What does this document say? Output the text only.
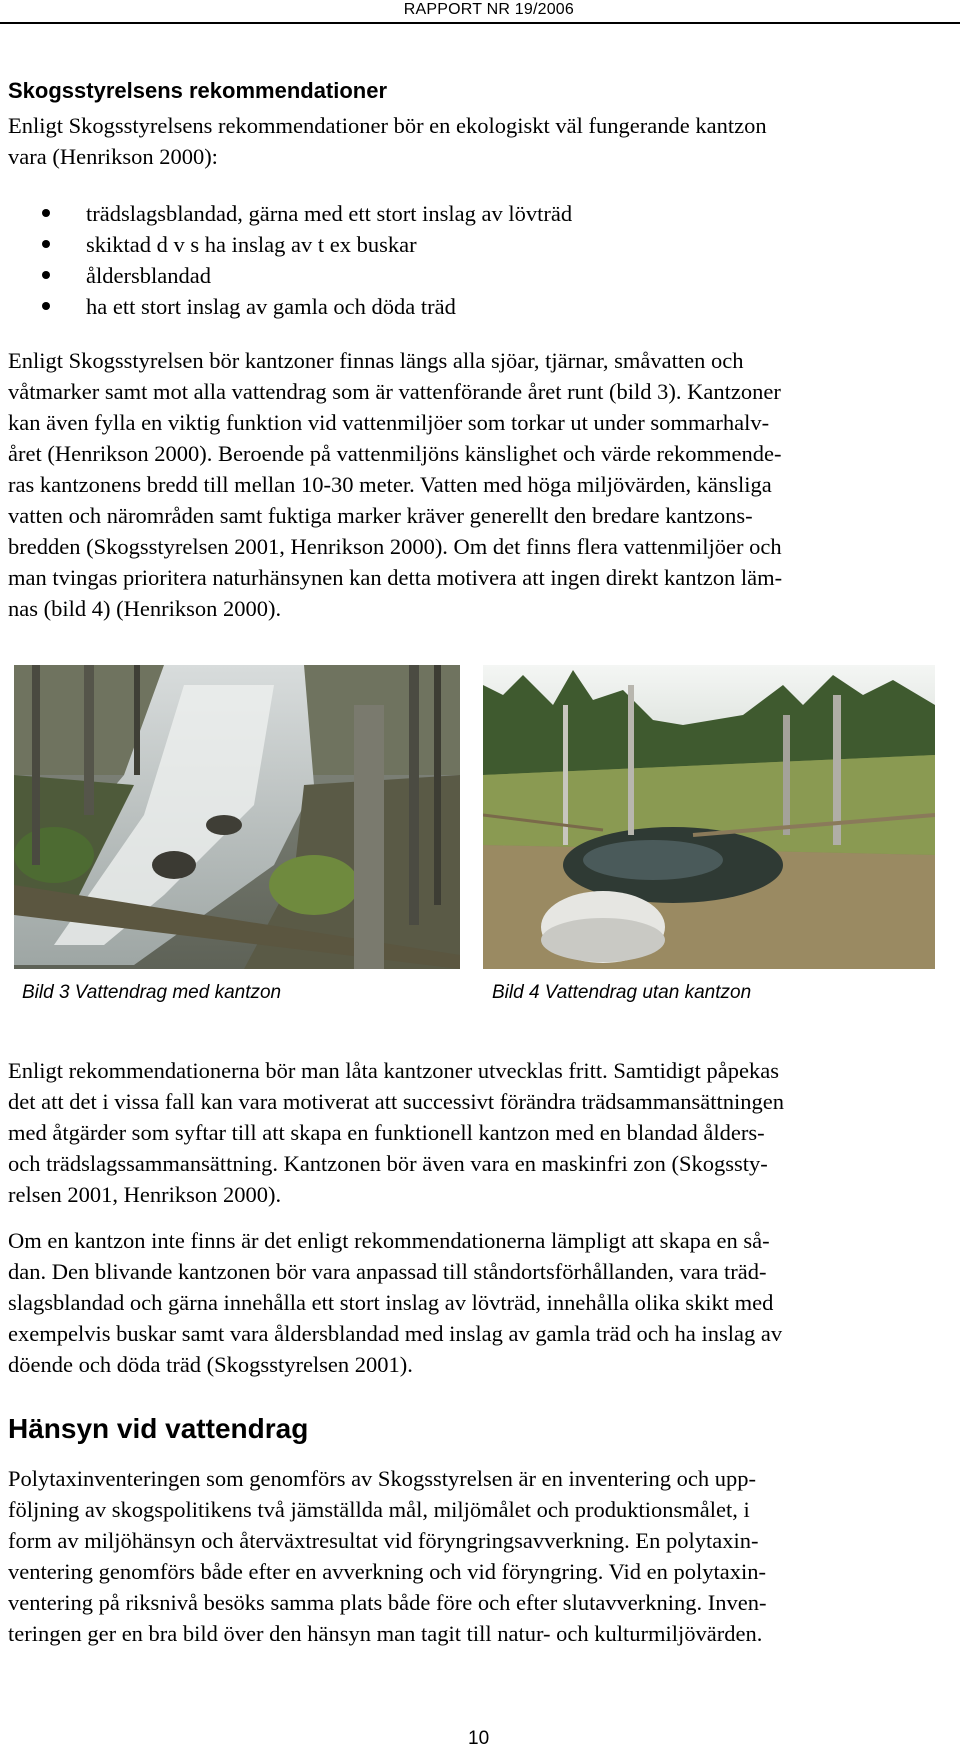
RAPPORT NR 19/2006
Skogsstyrelsens rekommendationer
Enligt Skogsstyrelsens rekommendationer bör en ekologiskt väl fungerande kantzon
vara (Henrikson 2000):
trädslagsblandad, gärna med ett stort inslag av lövträd
skiktad d v s ha inslag av t ex buskar
åldersblandad
ha ett stort inslag av gamla och döda träd
Enligt Skogsstyrelsen bör kantzoner finnas längs alla sjöar, tjärnar, småvatten och
våtmarker samt mot alla vattendrag som är vattenförande året runt (bild 3). Kantzoner
kan även fylla en viktig funktion vid vattenmiljöer som torkar ut under sommarhalv-
året (Henrikson 2000). Beroende på vattenmiljöns känslighet och värde rekommende-
ras kantzonens bredd till mellan 10-30 meter. Vatten med höga miljövärden, känsliga
vatten och närområden samt fuktiga marker kräver generellt den bredare kantzons-
bredden (Skogsstyrelsen 2001, Henrikson 2000). Om det finns flera vattenmiljöer och
man tvingas prioritera naturhänsynen kan detta motivera att ingen direkt kantzon läm-
nas (bild 4) (Henrikson 2000).
Bild 3 Vattendrag med kantzon	Bild 4 Vattendrag utan kantzon
Enligt rekommendationerna bör man låta kantzoner utvecklas fritt. Samtidigt påpekas
det att det i vissa fall kan vara motiverat att successivt förändra trädsammansättningen
med åtgärder som syftar till att skapa en funktionell kantzon med en blandad ålders-
och trädslagssammansättning. Kantzonen bör även vara en maskinfri zon (Skogssty-
relsen 2001, Henrikson 2000).
Om en kantzon inte finns är det enligt rekommendationerna lämpligt att skapa en så-
dan. Den blivande kantzonen bör vara anpassad till ståndortsförhållanden, vara träd-
slagsblandad och gärna innehålla ett stort inslag av lövträd, innehålla olika skikt med
exempelvis buskar samt vara åldersblandad med inslag av gamla träd och ha inslag av
döende och döda träd (Skogsstyrelsen 2001).
Hänsyn vid vattendrag
Polytaxinventeringen som genomförs av Skogsstyrelsen är en inventering och upp-
följning av skogspolitikens två jämställda mål, miljömålet och produktionsmålet, i
form av miljöhänsyn och återväxtresultat vid föryngringsavverkning. En polytaxin-
ventering genomförs både efter en avverkning och vid föryngring. Vid en polytaxin-
ventering på riksnivå besöks samma plats både före och efter slutavverkning. Inven-
teringen ger en bra bild över den hänsyn man tagit till natur- och kulturmiljövärden.
10
